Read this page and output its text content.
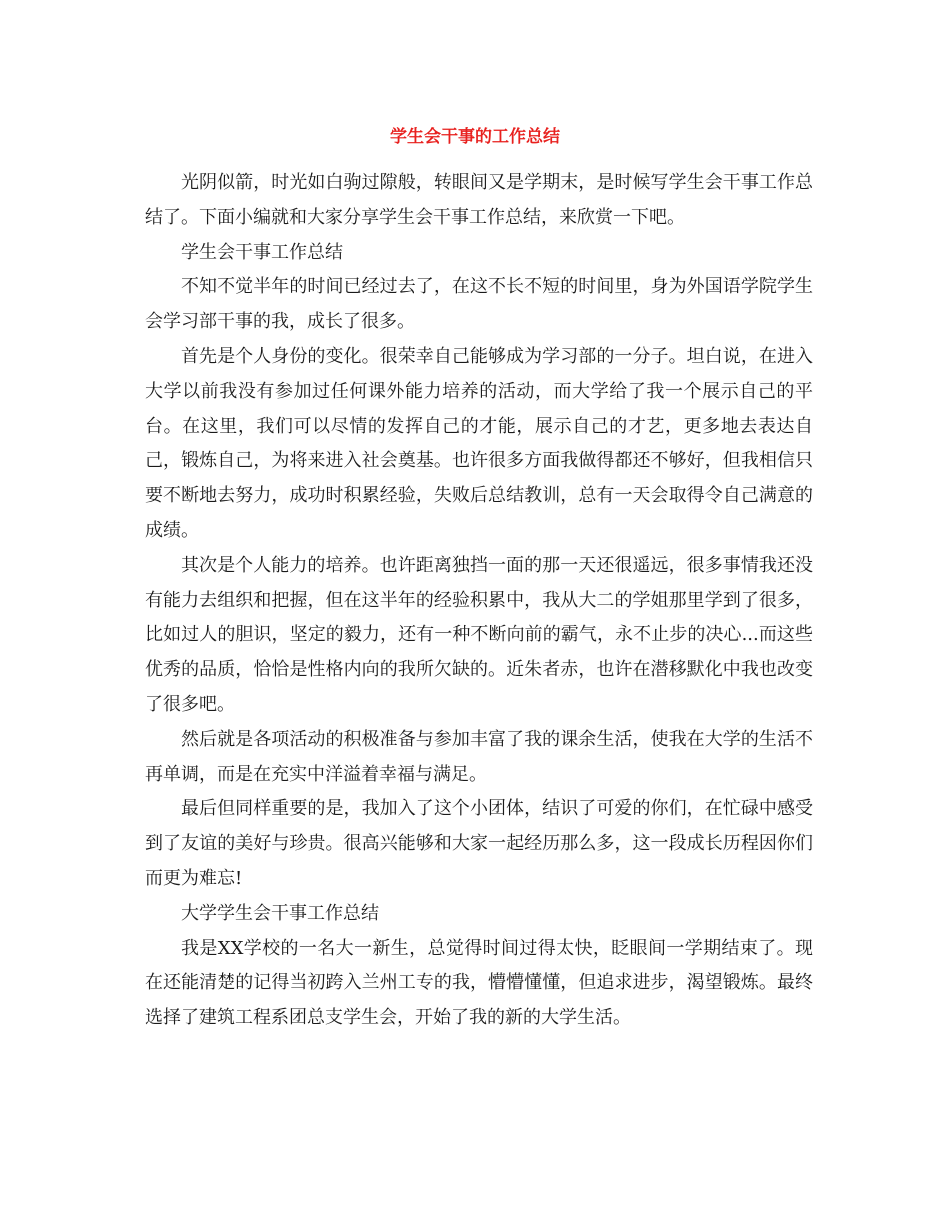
学生会干事的工作总结

光阴似箭，时光如白驹过隙般，转眼间又是学期末，是时候写学生会干事工作总结了。下面小编就和大家分享学生会干事工作总结，来欣赏一下吧。

学生会干事工作总结

不知不觉半年的时间已经过去了，在这不长不短的时间里，身为外国语学院学生会学习部干事的我，成长了很多。

首先是个人身份的变化。很荣幸自己能够成为学习部的一分子。坦白说，在进入大学以前我没有参加过任何课外能力培养的活动，而大学给了我一个展示自己的平台。在这里，我们可以尽情的发挥自己的才能，展示自己的才艺，更多地去表达自己，锻炼自己，为将来进入社会奠基。也许很多方面我做得都还不够好，但我相信只要不断地去努力，成功时积累经验，失败后总结教训，总有一天会取得令自己满意的成绩。

其次是个人能力的培养。也许距离独挡一面的那一天还很遥远，很多事情我还没有能力去组织和把握，但在这半年的经验积累中，我从大二的学姐那里学到了很多，比如过人的胆识，坚定的毅力，还有一种不断向前的霸气，永不止步的决心...而这些优秀的品质，恰恰是性格内向的我所欠缺的。近朱者赤，也许在潜移默化中我也改变了很多吧。

然后就是各项活动的积极准备与参加丰富了我的课余生活，使我在大学的生活不再单调，而是在充实中洋溢着幸福与满足。

最后但同样重要的是，我加入了这个小团体，结识了可爱的你们，在忙碌中感受到了友谊的美好与珍贵。很高兴能够和大家一起经历那么多，这一段成长历程因你们而更为难忘!

大学学生会干事工作总结

我是XX学校的一名大一新生，总觉得时间过得太快，眨眼间一学期结束了。现在还能清楚的记得当初跨入兰州工专的我，懵懵懂懂，但追求进步，渴望锻炼。最终选择了建筑工程系团总支学生会，开始了我的新的大学生活。
